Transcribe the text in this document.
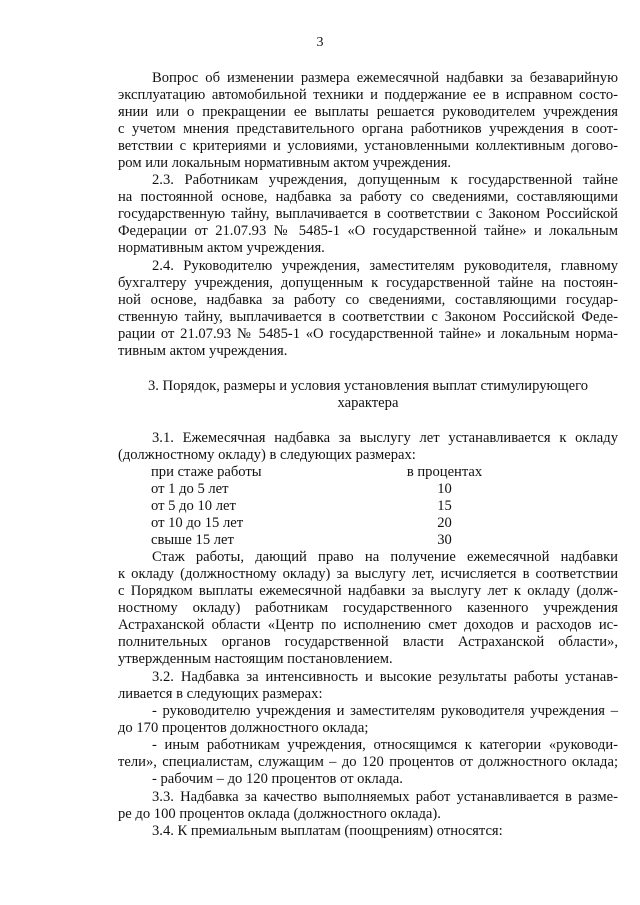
3
Вопрос об изменении размера ежемесячной надбавки за безаварийную
эксплуатацию автомобильной техники и поддержание ее в исправном состо-
янии или о прекращении ее выплаты решается руководителем учреждения
с учетом мнения представительного органа работников учреждения в соот-
ветствии с критериями и условиями, установленными коллективным догово-
ром или локальным нормативным актом учреждения.
2.3. Работникам учреждения, допущенным к государственной тайне
на постоянной основе, надбавка за работу со сведениями, составляющими
государственную тайну, выплачивается в соответствии с Законом Российской
Федерации от 21.07.93 № 5485-1 «О государственной тайне» и локальным
нормативным актом учреждения.
2.4. Руководителю учреждения, заместителям руководителя, главному
бухгалтеру учреждения, допущенным к государственной тайне на постоян-
ной основе, надбавка за работу со сведениями, составляющими государ-
ственную тайну, выплачивается в соответствии с Законом Российской Феде-
рации от 21.07.93 № 5485-1 «О государственной тайне» и локальным норма-
тивным актом учреждения.
3. Порядок, размеры и условия установления выплат стимулирующего
характера
3.1. Ежемесячная надбавка за выслугу лет устанавливается к окладу
(должностному окладу) в следующих размерах:
при стаже работы	в процентах
от 1 до 5 лет	10
от 5 до 10 лет	15
от 10 до 15 лет	20
свыше 15 лет	30
Стаж работы, дающий право на получение ежемесячной надбавки
к окладу (должностному окладу) за выслугу лет, исчисляется в соответствии
с Порядком выплаты ежемесячной надбавки за выслугу лет к окладу (долж-
ностному окладу) работникам государственного казенного учреждения
Астраханской области «Центр по исполнению смет доходов и расходов ис-
полнительных органов государственной власти Астраханской области»,
утвержденным настоящим постановлением.
3.2. Надбавка за интенсивность и высокие результаты работы устанав-
ливается в следующих размерах:
- руководителю учреждения и заместителям руководителя учреждения –
до 170 процентов должностного оклада;
- иным работникам учреждения, относящимся к категории «руководи-
тели», специалистам, служащим – до 120 процентов от должностного оклада;
- рабочим – до 120 процентов от оклада.
3.3. Надбавка за качество выполняемых работ устанавливается в разме-
ре до 100 процентов оклада (должностного оклада).
3.4. К премиальным выплатам (поощрениям) относятся:
